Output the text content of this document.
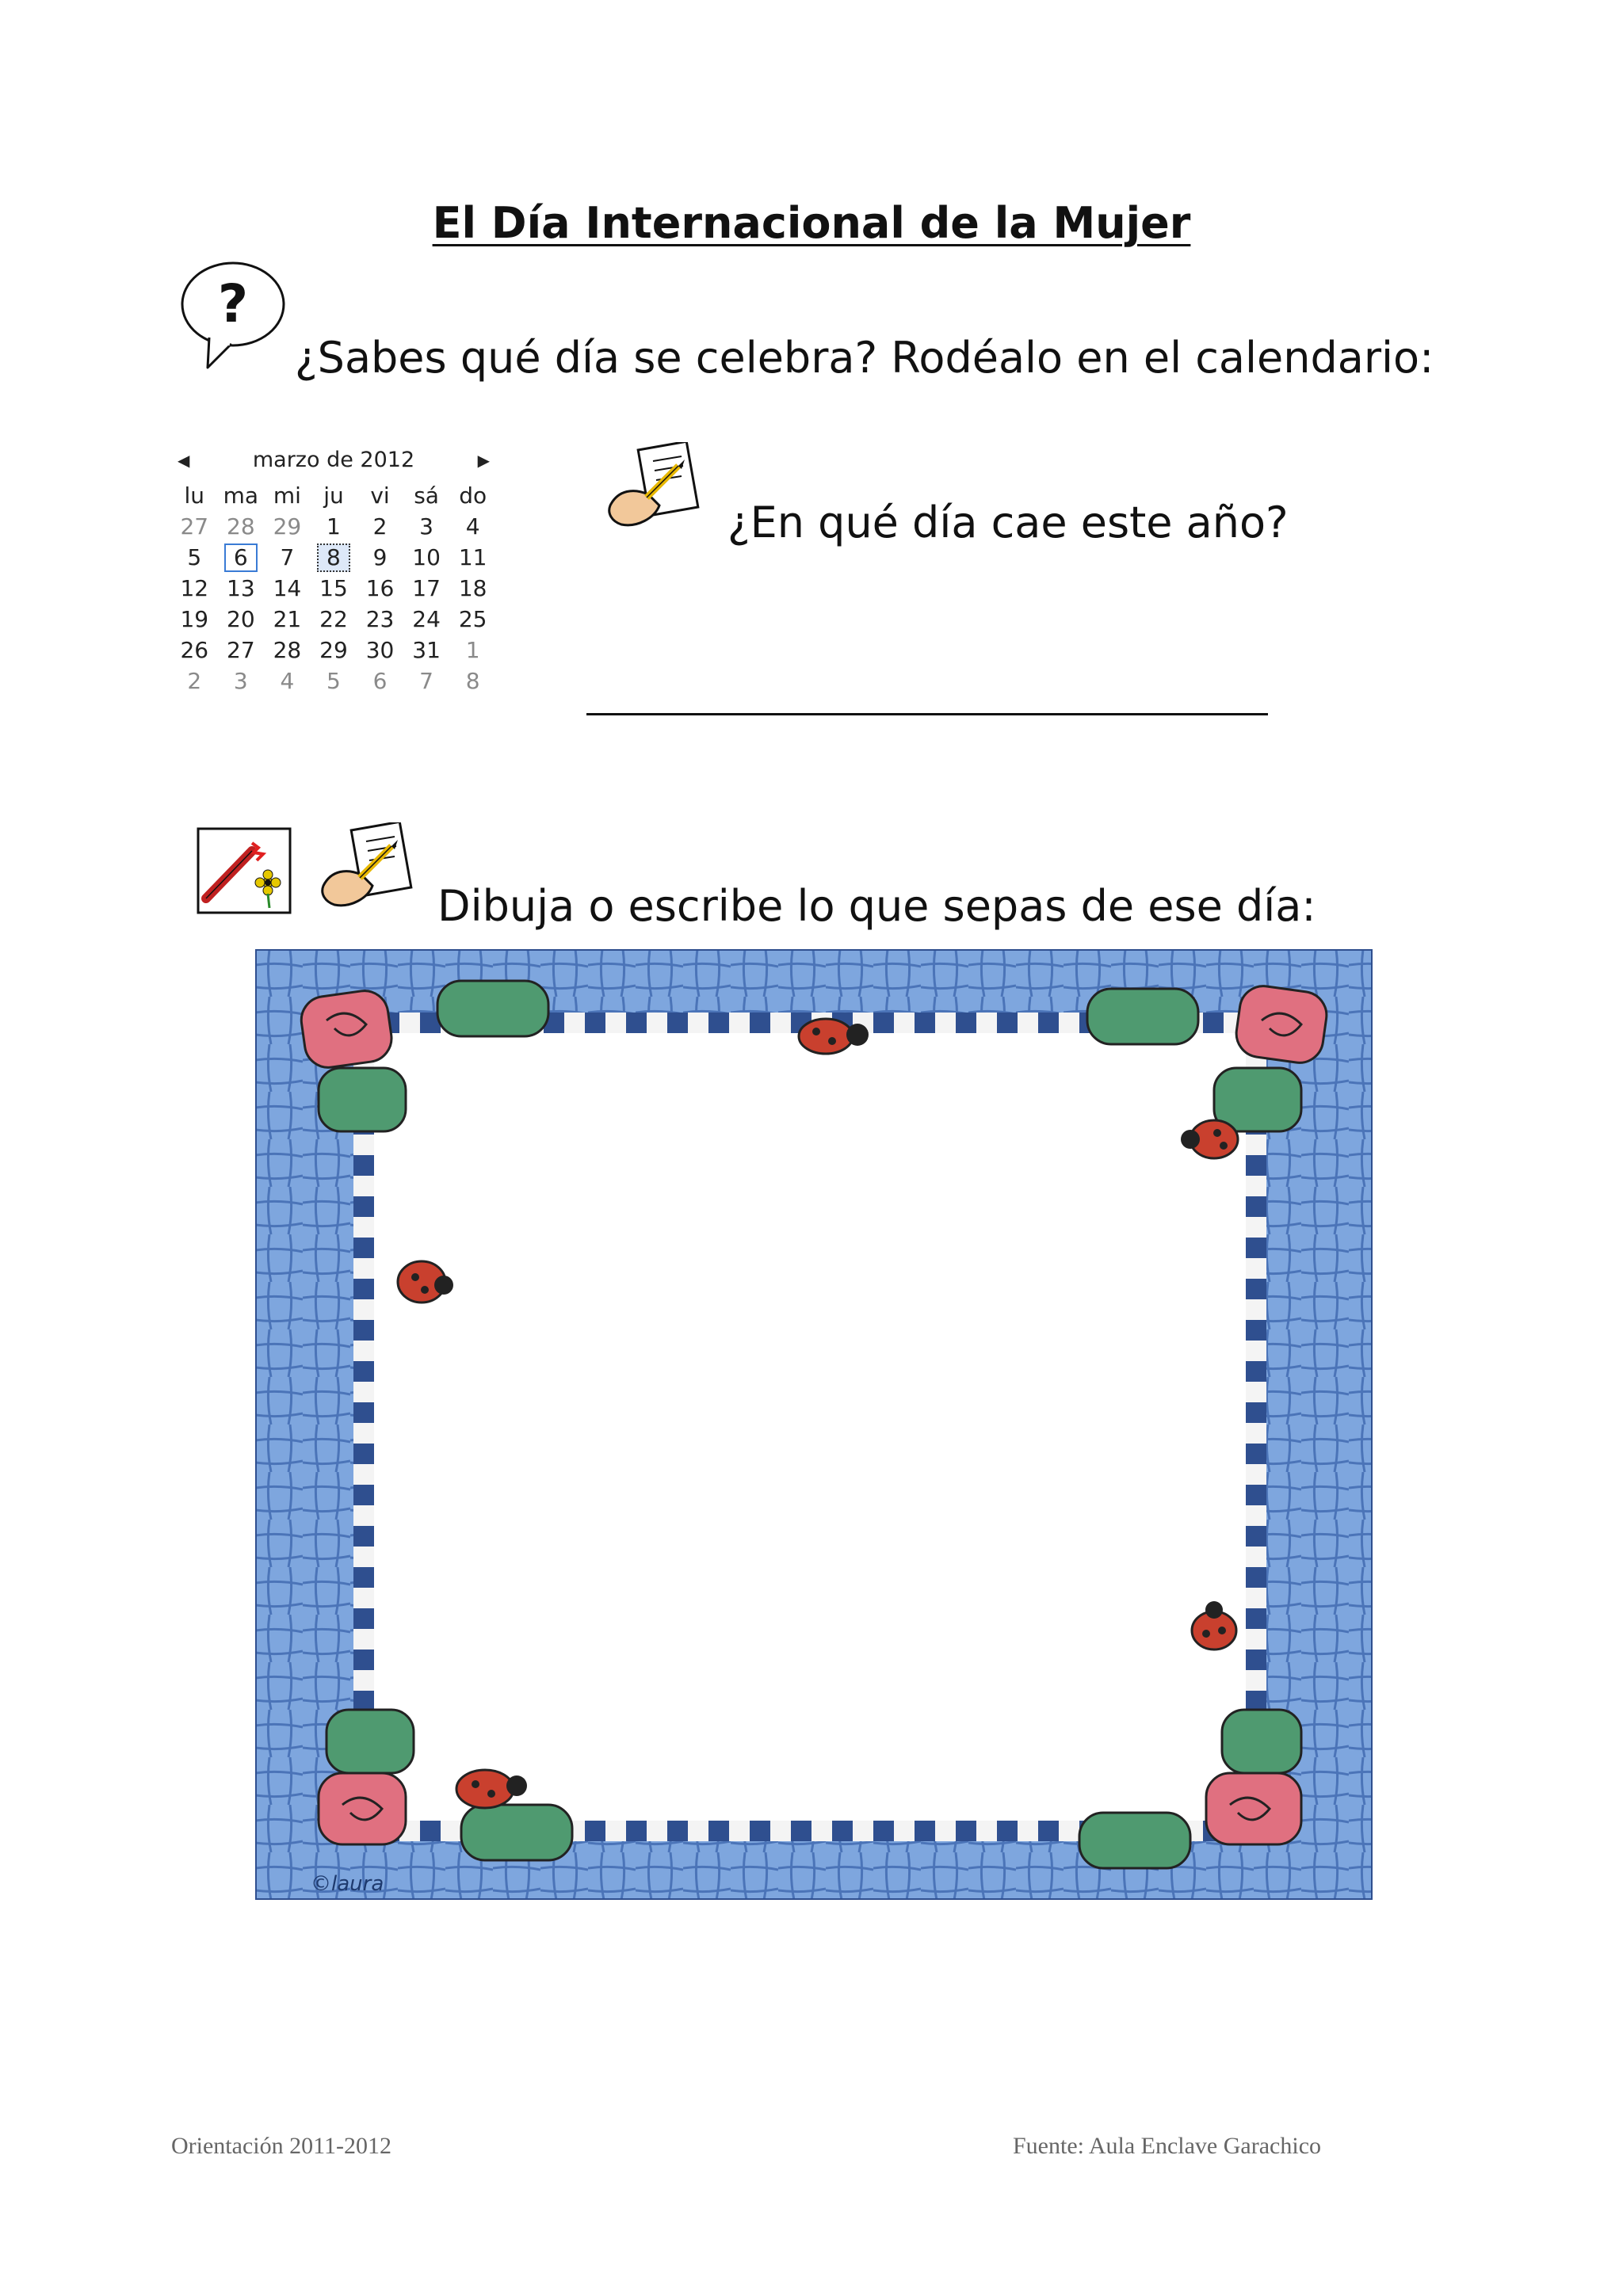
El Día Internacional de la Mujer
?
¿Sabes qué día se celebra? Rodéalo en el calendario:
◀	marzo de 2012	▶
lu	ma	mi	ju	vi	sá	do
27	28	29	1	2	3	4
5	6	7	8	9	10	11
12	13	14	15	16	17	18
19	20	21	22	23	24	25
26	27	28	29	30	31	1
2	3	4	5	6	7	8
¿En qué día cae este año?
Dibuja o escribe lo que sepas de ese día:
©laura
Orientación 2011-2012	Fuente: Aula Enclave Garachico
